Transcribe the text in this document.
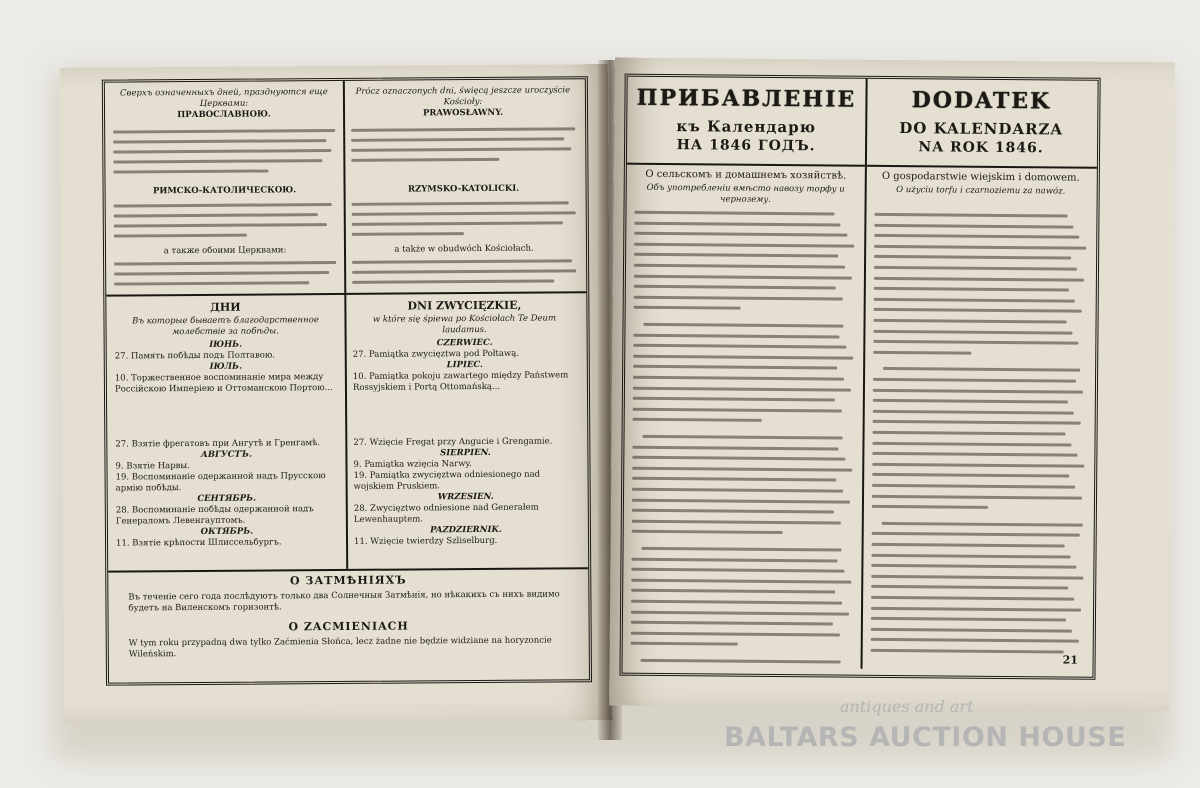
Сверхъ означенныхъ дней, празднуются еще Церквами:
ПРАВОСЛАВНОЮ.
РИМСКО-КАТОЛИЧЕСКОЮ.
а также обоими Церквами:
Prócz oznaczonych dni, święcą jeszcze uroczyście Kościoły:
PRAWOSŁAWNY.
RZYMSKO-KATOLICKI.
a także w obudwóch Kościołach.
ДНИ
Въ которые бываетъ благодарственное молебствіе за побѣды.
ІЮНЬ.
27. Память побѣды подъ Полтавою.
ІЮЛЬ.
10. Торжественное воспоминаніе мира между Россійскою Имперіею и Оттоманскою Портою...
27. Взятіе фрегатовъ при Ангутѣ и Гренгамѣ.
АВГУСТЪ.
9. Взятіе Нарвы.
19. Воспоминаніе одержанной надъ Прусскою армію побѣды.
СЕНТЯБРЬ.
28. Воспоминаніе побѣды одержанной надъ Генераломъ Левенгауптомъ.
ОКТЯБРЬ.
11. Взятіе крѣпости Шлиссельбургъ.
DNI ZWYCIĘZKIE,
w które się śpiewa po Kościołach Te Deum laudamus.
CZERWIEC.
27. Pamiątka zwycięztwa pod Połtawą.
LIPIEC.
10. Pamiątka pokoju zawartego między Państwem Rossyjskiem i Portą Ottomańską...
27. Wzięcie Fregat przy Angucie i Grengamie.
SIERPIEN.
9. Pamiątka wzięcia Narwy.
19. Pamiątka zwycięztwa odniesionego nad wojskiem Pruskiem.
WRZESIEN.
28. Zwycięztwo odniesione nad Generałem Lewenhauptem.
PAZDZIERNIK.
11. Wzięcie twierdzy Szliselburg.
О ЗАТМѢНІЯХЪ
Въ теченіе сего года послѣдуютъ только два Солнечныя Затмѣнія, но нѣкакихъ съ нихъ видимо будетъ на Виленскомъ горизонтѣ.
O ZACMIENIACH
W tym roku przypadną dwa tylko Zaćmienia Słońca, lecz żadne nie będzie widziane na horyzoncie Wileńskim.
ПРИБАВЛЕНІЕ
къ Календарю
НА 1846 ГОДЪ.
О сельскомъ и домашнемъ хозяйствѣ.
Объ употребленіи вмѣсто навозу торфу и чернозему.
DODATEK
DO KALENDARZA
NA ROK 1846.
O gospodarstwie wiejskim i domowem.
O użyciu torfu i czarnoziemu za nawóz.
21
antiques and art
BALTARS AUCTION HOUSE
